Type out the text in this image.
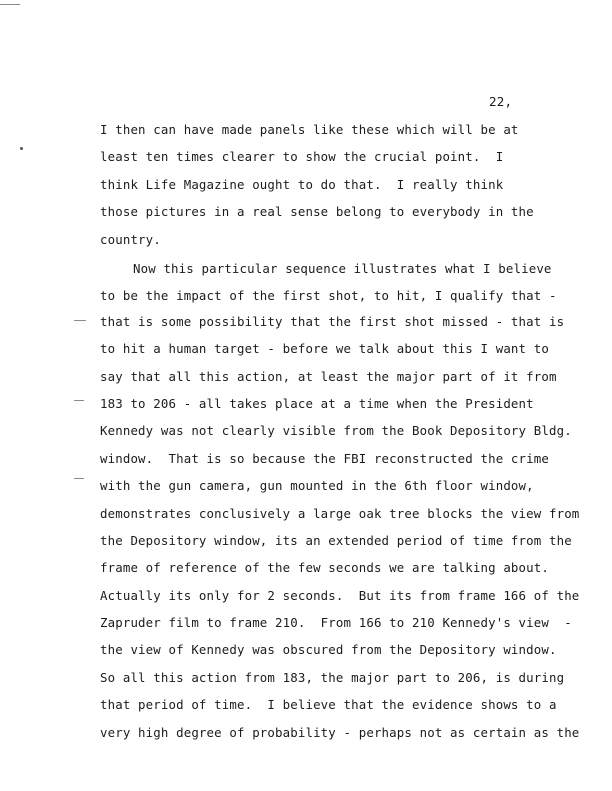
22,
I then can have made panels like these which will be at
least ten times clearer to show the crucial point.  I
think Life Magazine ought to do that.  I really think
those pictures in a real sense belong to everybody in the
country.
Now this particular sequence illustrates what I believe
to be the impact of the first shot, to hit, I qualify that -
that is some possibility that the first shot missed - that is
to hit a human target - before we talk about this I want to
say that all this action, at least the major part of it from
183 to 206 - all takes place at a time when the President
Kennedy was not clearly visible from the Book Depository Bldg.
window.  That is so because the FBI reconstructed the crime
with the gun camera, gun mounted in the 6th floor window,
demonstrates conclusively a large oak tree blocks the view from
the Depository window, its an extended period of time from the
frame of reference of the few seconds we are talking about.
Actually its only for 2 seconds.  But its from frame 166 of the
Zapruder film to frame 210.  From 166 to 210 Kennedy's view  -
the view of Kennedy was obscured from the Depository window.
So all this action from 183, the major part to 206, is during
that period of time.  I believe that the evidence shows to a
very high degree of probability - perhaps not as certain as the
